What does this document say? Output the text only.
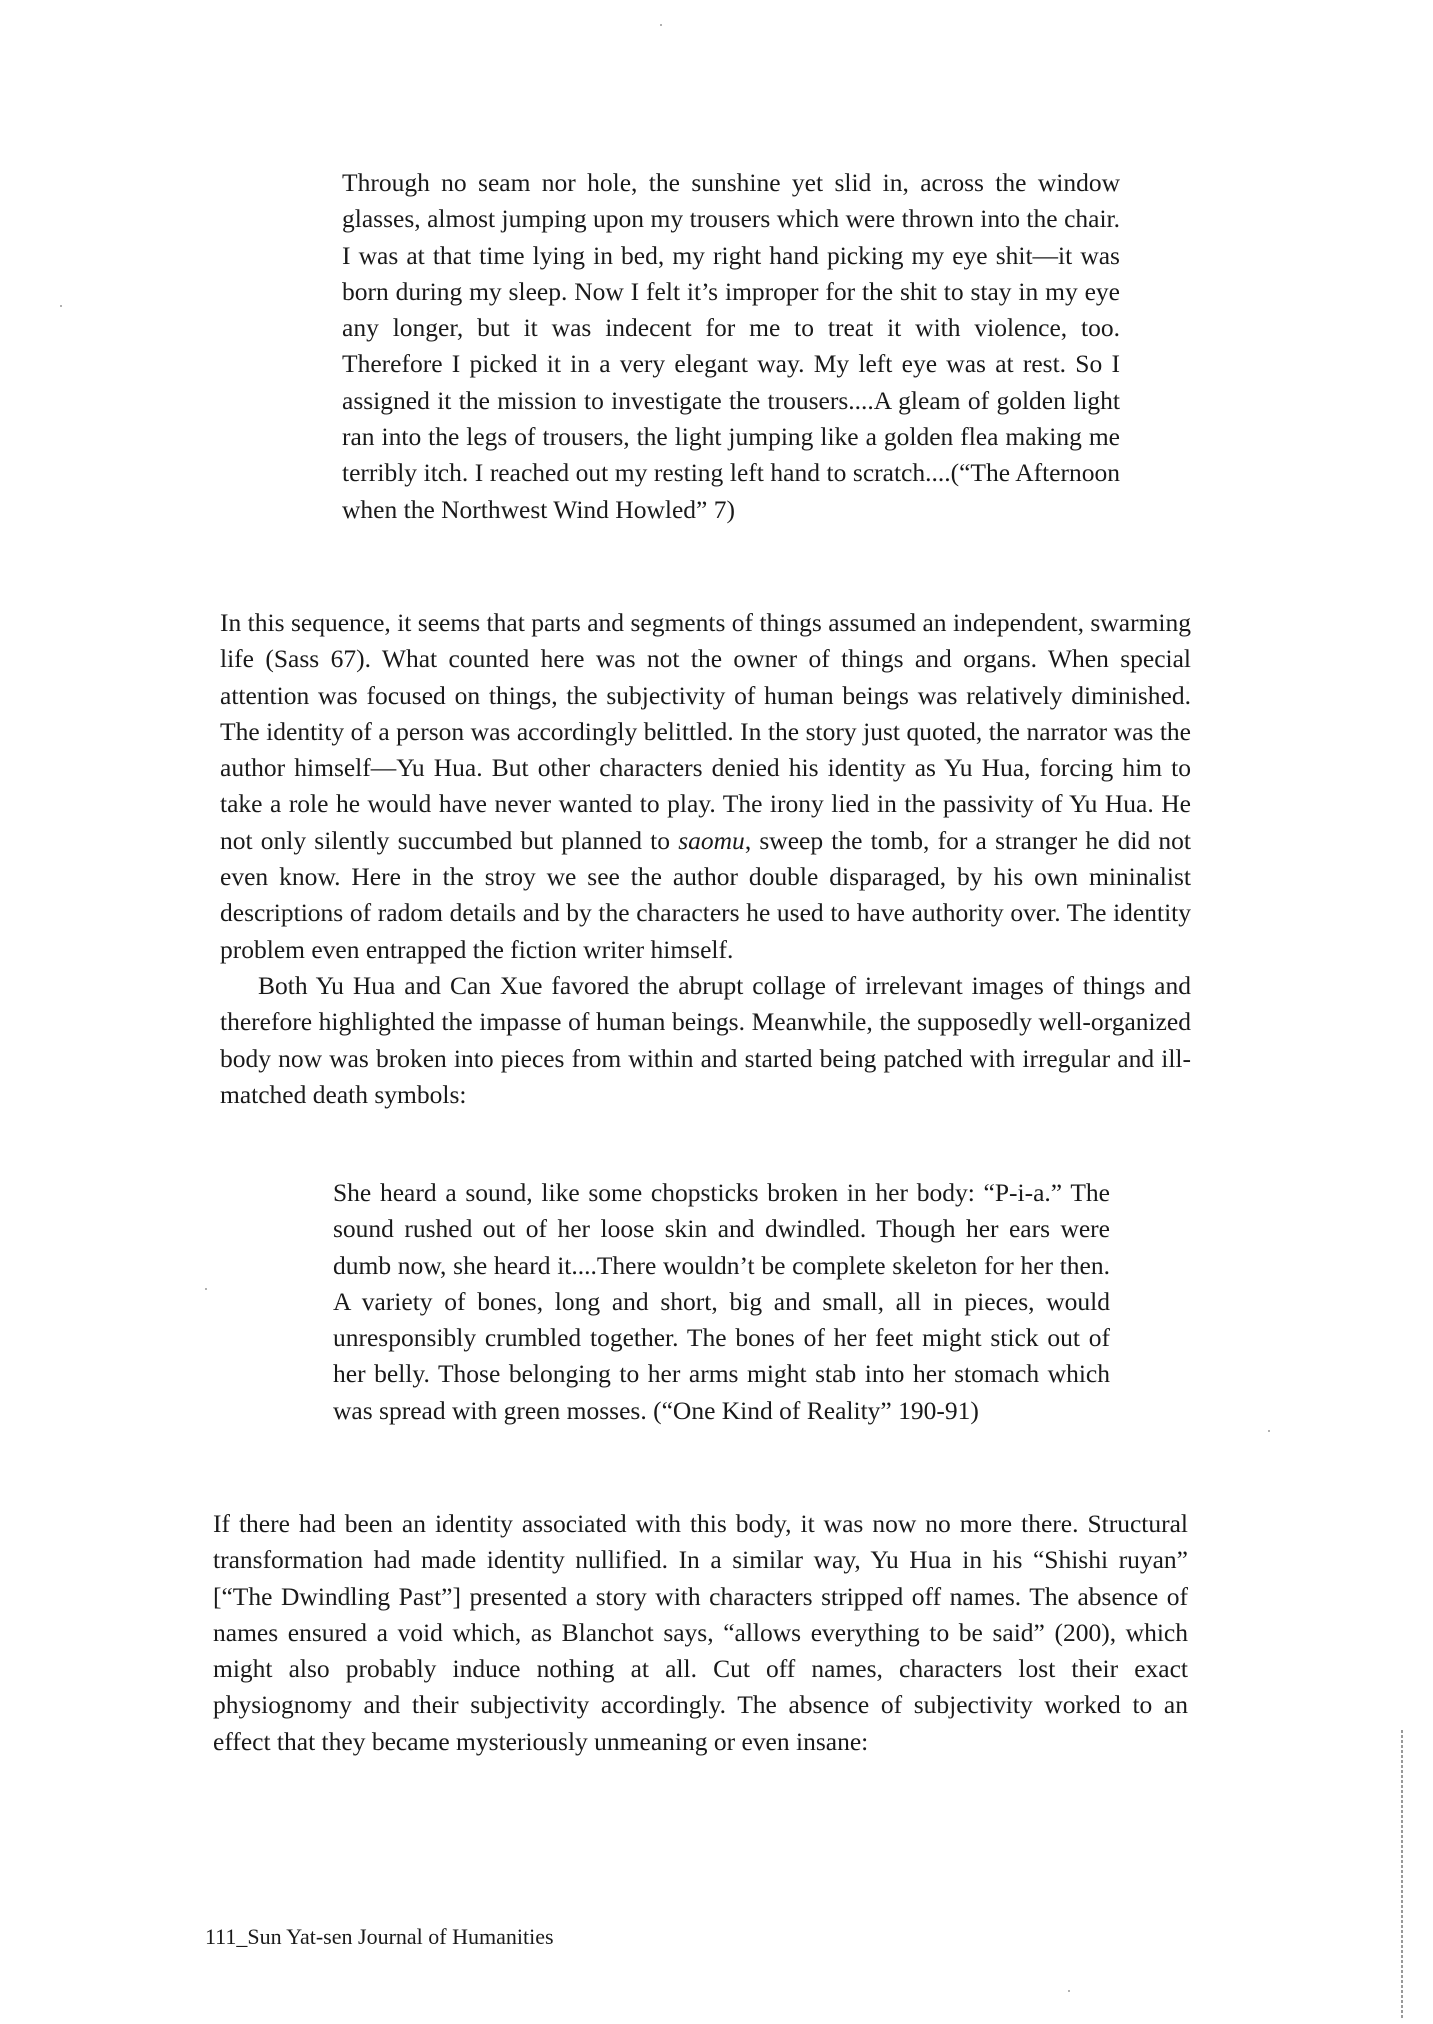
Through no seam nor hole, the sunshine yet slid in, across the window glasses, almost jumping upon my trousers which were thrown into the chair. I was at that time lying in bed, my right hand picking my eye shit—it was born during my sleep. Now I felt it’s improper for the shit to stay in my eye any longer, but it was indecent for me to treat it with violence, too. Therefore I picked it in a very elegant way. My left eye was at rest. So I assigned it the mission to investigate the trousers....A gleam of golden light ran into the legs of trousers, the light jumping like a golden flea making me terribly itch. I reached out my resting left hand to scratch....(“The Afternoon when the Northwest Wind Howled” 7)

In this sequence, it seems that parts and segments of things assumed an independent, swarming life (Sass 67). What counted here was not the owner of things and organs. When special attention was focused on things, the subjectivity of human beings was relatively diminished. The identity of a person was accordingly belittled. In the story just quoted, the narrator was the author himself—Yu Hua. But other characters denied his identity as Yu Hua, forcing him to take a role he would have never wanted to play. The irony lied in the passivity of Yu Hua. He not only silently succumbed but planned to saomu, sweep the tomb, for a stranger he did not even know. Here in the stroy we see the author double disparaged, by his own mininalist descriptions of radom details and by the characters he used to have authority over. The identity problem even entrapped the fiction writer himself.

Both Yu Hua and Can Xue favored the abrupt collage of irrelevant images of things and therefore highlighted the impasse of human beings. Meanwhile, the supposedly well-organized body now was broken into pieces from within and started being patched with irregular and ill-matched death symbols:

She heard a sound, like some chopsticks broken in her body: “P-i-a.” The sound rushed out of her loose skin and dwindled. Though her ears were dumb now, she heard it....There wouldn’t be complete skeleton for her then. A variety of bones, long and short, big and small, all in pieces, would unresponsibly crumbled together. The bones of her feet might stick out of her belly. Those belonging to her arms might stab into her stomach which was spread with green mosses. (“One Kind of Reality” 190-91)

If there had been an identity associated with this body, it was now no more there. Structural transformation had made identity nullified. In a similar way, Yu Hua in his “Shishi ruyan” [“The Dwindling Past”] presented a story with characters stripped off names. The absence of names ensured a void which, as Blanchot says, “allows everything to be said” (200), which might also probably induce nothing at all. Cut off names, characters lost their exact physiognomy and their subjectivity accordingly. The absence of subjectivity worked to an effect that they became mysteriously unmeaning or even insane:

111_Sun Yat-sen Journal of Humanities
